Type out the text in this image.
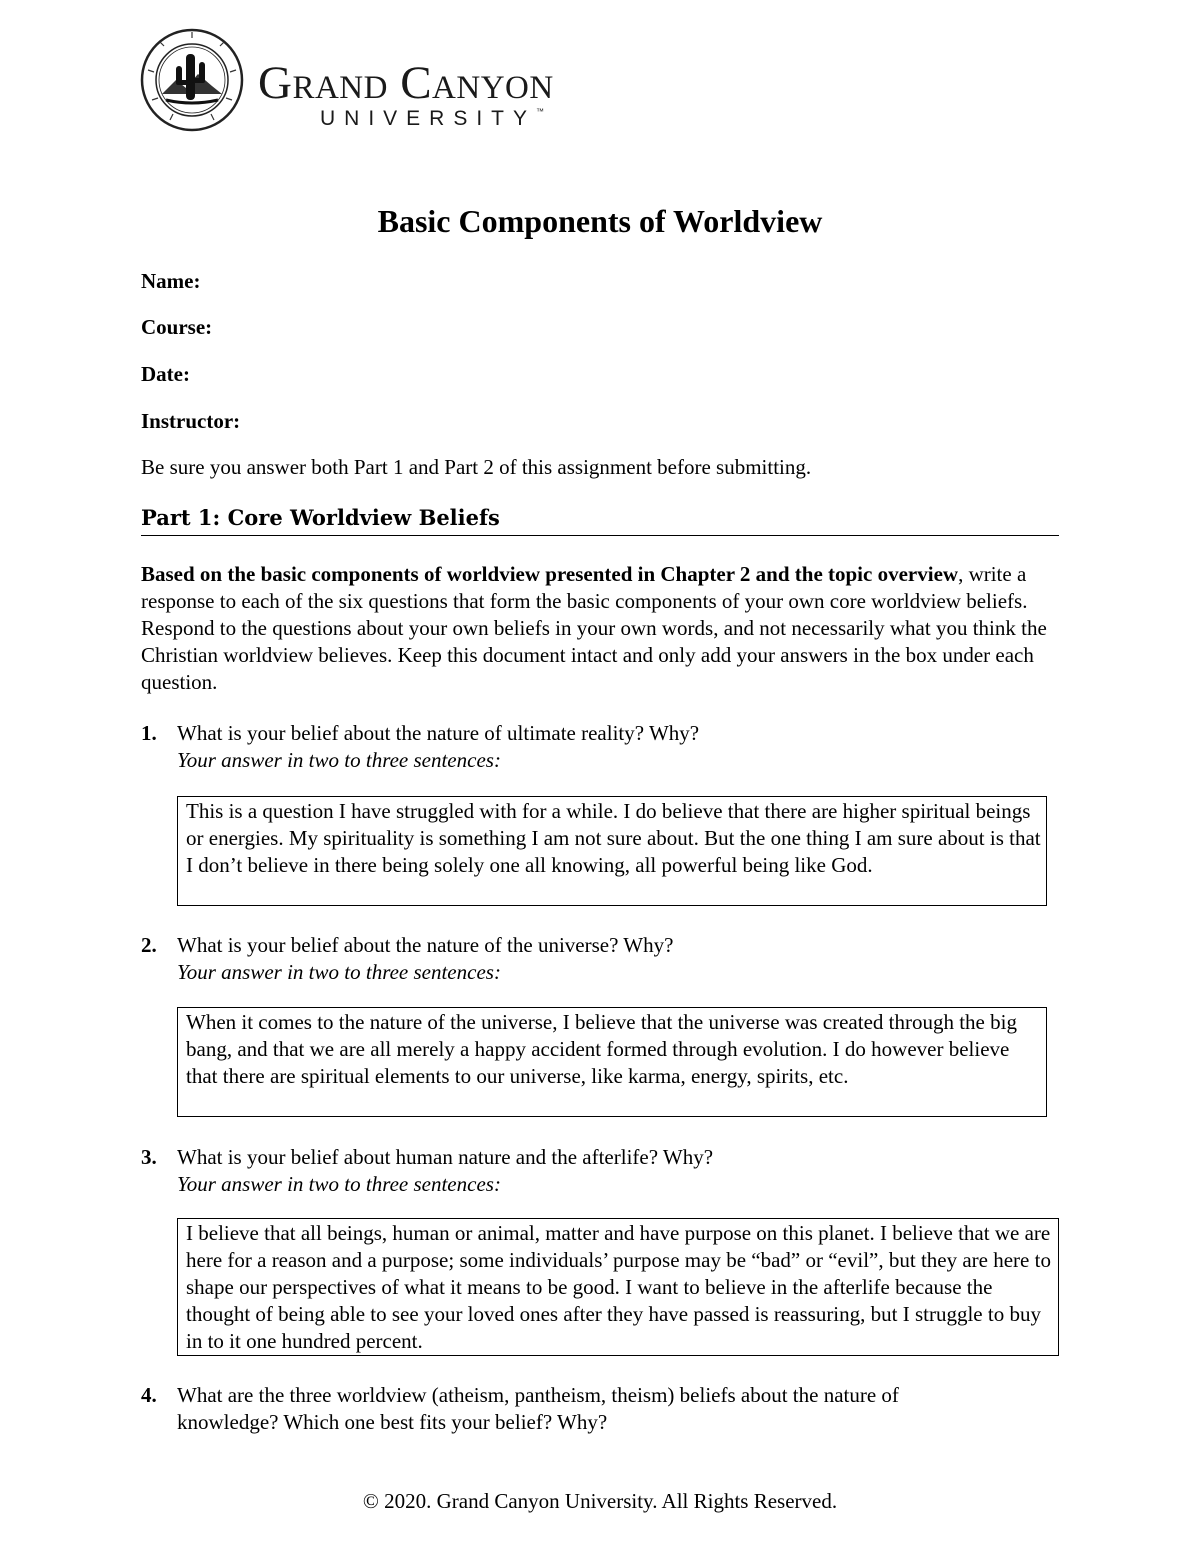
Grand Canyon
UNIVERSITY™
Basic Components of Worldview
Name:
Course:
Date:
Instructor:
Be sure you answer both Part 1 and Part 2 of this assignment before submitting.
Part 1: Core Worldview Beliefs
Based on the basic components of worldview presented in Chapter 2 and the topic overview, write a response to each of the six questions that form the basic components of your own core worldview beliefs. Respond to the questions about your own beliefs in your own words, and not necessarily what you think the Christian worldview believes. Keep this document intact and only add your answers in the box under each question.
1. What is your belief about the nature of ultimate reality? Why?
Your answer in two to three sentences:
This is a question I have struggled with for a while. I do believe that there are higher spiritual beings or energies. My spirituality is something I am not sure about. But the one thing I am sure about is that I don’t believe in there being solely one all knowing, all powerful being like God.
2. What is your belief about the nature of the universe? Why?
Your answer in two to three sentences:
When it comes to the nature of the universe, I believe that the universe was created through the big bang, and that we are all merely a happy accident formed through evolution. I do however believe that there are spiritual elements to our universe, like karma, energy, spirits, etc.
3. What is your belief about human nature and the afterlife? Why?
Your answer in two to three sentences:
I believe that all beings, human or animal, matter and have purpose on this planet. I believe that we are here for a reason and a purpose; some individuals’ purpose may be “bad” or “evil”, but they are here to shape our perspectives of what it means to be good. I want to believe in the afterlife because the thought of being able to see your loved ones after they have passed is reassuring, but I struggle to buy in to it one hundred percent.
4. What are the three worldview (atheism, pantheism, theism) beliefs about the nature of
knowledge? Which one best fits your belief? Why?
© 2020. Grand Canyon University. All Rights Reserved.
